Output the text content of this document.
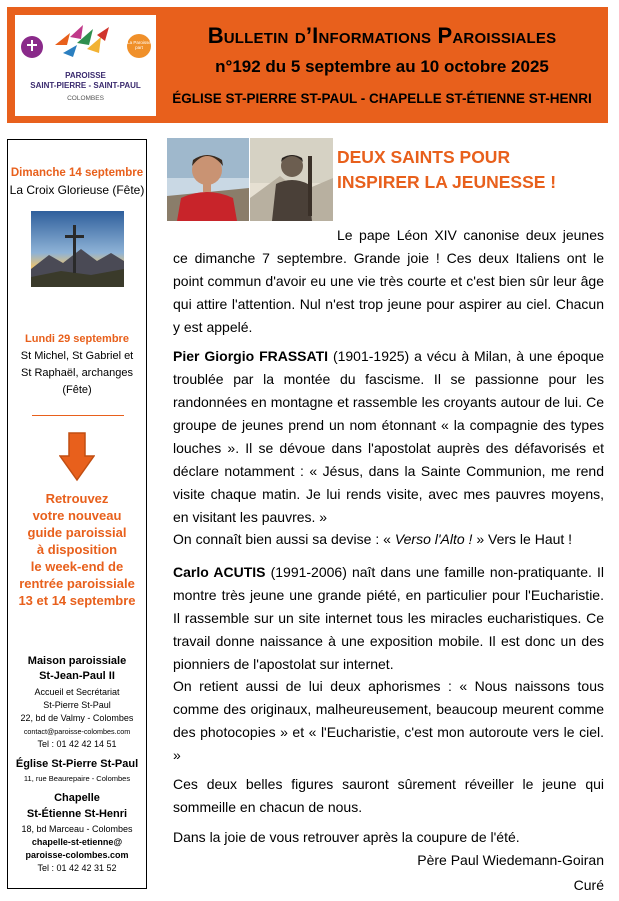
PAROISSE
SAINT-PIERRE - SAINT-PAUL
COLOMBES
La Paroisse part	Bulletin d’Informations Paroissiales
n°192 du 5 septembre au 10 octobre 2025
ÉGLISE ST-PIERRE ST-PAUL - CHAPELLE ST-ÉTIENNE ST-HENRI
Dimanche 14 septembre
La Croix Glorieuse (Fête)
Lundi 29 septembre
St Michel, St Gabriel et
St Raphaël, archanges
(Fête)
Retrouvez
votre nouveau
guide paroissial
à disposition
le week-end de
rentrée paroissiale
13 et 14 septembre
Maison paroissiale
St-Jean-Paul II
Accueil et Secrétariat
St-Pierre St-Paul
22, bd de Valmy - Colombes
contact@paroisse-colombes.com
Tel : 01 42 42 14 51
Église St-Pierre St-Paul
11, rue Beaurepaire - Colombes
Chapelle
St-Étienne St-Henri
18, bd Marceau - Colombes
chapelle-st-etienne@
paroisse-colombes.com
Tel : 01 42 42 31 52
DEUX SAINTS POUR
INSPIRER LA JEUNESSE !
Le pape Léon XIV canonise deux jeunes ce dimanche 7 septembre. Grande joie ! Ces deux Italiens ont le point commun d'avoir eu une vie très courte et c'est bien sûr leur âge qui attire l'attention. Nul n'est trop jeune pour aspirer au ciel. Chacun y est appelé.
Pier Giorgio FRASSATI (1901-1925) a vécu à Milan, à une époque troublée par la montée du fascisme. Il se passionne pour les randonnées en montagne et rassemble les croyants autour de lui. Ce groupe de jeunes prend un nom étonnant « la compagnie des types louches ». Il se dévoue dans l'apostolat auprès des défavorisés et déclare notamment : « Jésus, dans la Sainte Communion, me rend visite chaque matin. Je lui rends visite, avec mes pauvres moyens, en visitant les pauvres. »
On connaît bien aussi sa devise : « Verso l'Alto ! » Vers le Haut !
Carlo ACUTIS (1991-2006) naît dans une famille non-pratiquante. Il montre très jeune une grande piété, en particulier pour l'Eucharistie. Il rassemble sur un site internet tous les miracles eucharistiques. Ce travail donne naissance à une exposition mobile. Il est donc un des pionniers de l'apostolat sur internet.
On retient aussi de lui deux aphorismes : « Nous naissons tous comme des originaux, malheureusement, beaucoup meurent comme des photocopies » et « l'Eucharistie, c'est mon autoroute vers le ciel. »
Ces deux belles figures sauront sûrement réveiller le jeune qui sommeille en chacun de nous.
Dans la joie de vous retrouver après la coupure de l'été.
Père Paul Wiedemann-Goiran
Curé
